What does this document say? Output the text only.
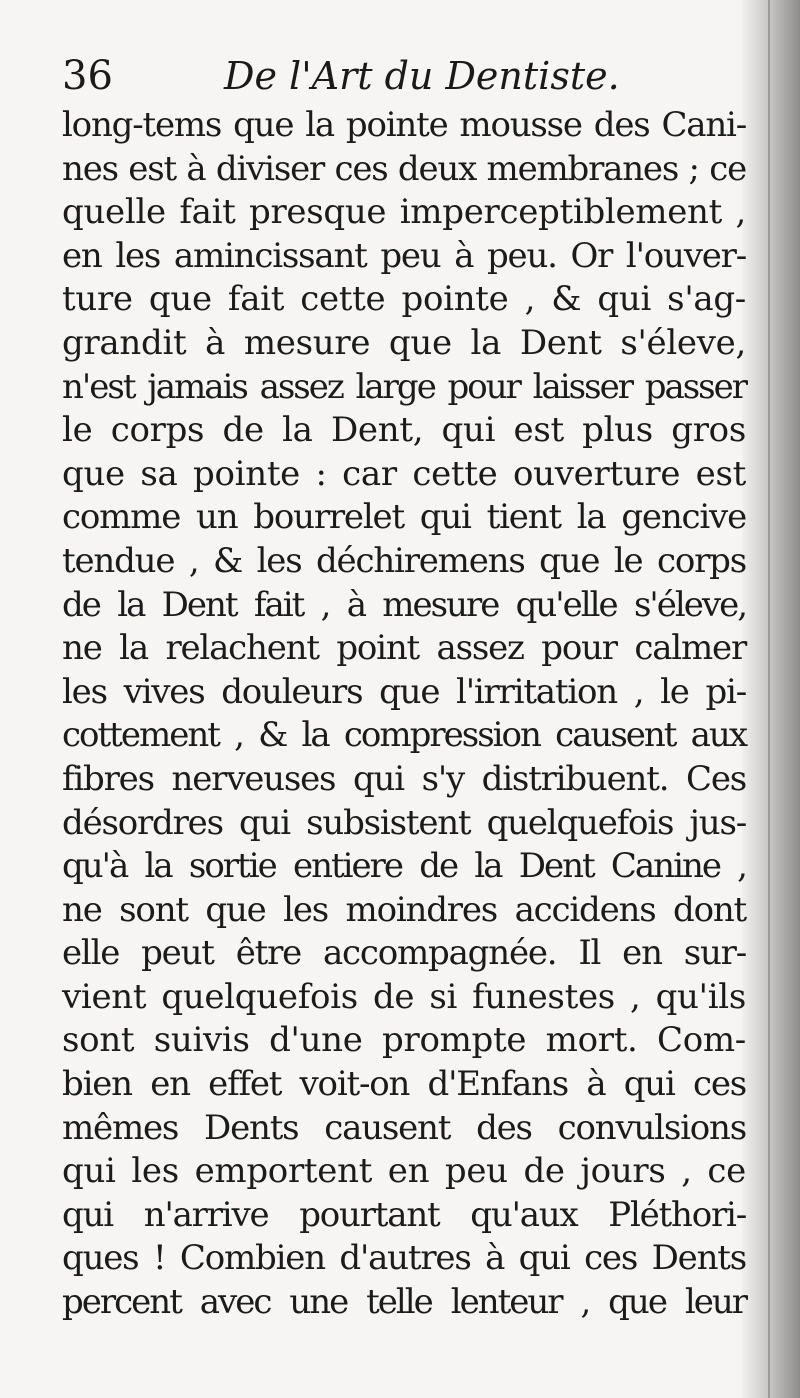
36	De l'Art du Dentiste.
long-tems que la pointe mousse des Cani-
nes est à diviser ces deux membranes ; ce
quelle fait presque imperceptiblement ,
en les amincissant peu à peu. Or l'ouver-
ture que fait cette pointe , & qui s'ag-
grandit à mesure que la Dent s'éleve,
n'est jamais assez large pour laisser passer
le corps de la Dent, qui est plus gros
que sa pointe : car cette ouverture est
comme un bourrelet qui tient la gencive
tendue , & les déchiremens que le corps
de la Dent fait , à mesure qu'elle s'éleve,
ne la relachent point assez pour calmer
les vives douleurs que l'irritation , le pi-
cottement , & la compression causent aux
fibres nerveuses qui s'y distribuent. Ces
désordres qui subsistent quelquefois jus-
qu'à la sortie entiere de la Dent Canine ,
ne sont que les moindres accidens dont
elle peut être accompagnée. Il en sur-
vient quelquefois de si funestes , qu'ils
sont suivis d'une prompte mort. Com-
bien en effet voit-on d'Enfans à qui ces
mêmes Dents causent des convulsions
qui les emportent en peu de jours , ce
qui n'arrive pourtant qu'aux Pléthori-
ques ! Combien d'autres à qui ces Dents
percent avec une telle lenteur , que leur
